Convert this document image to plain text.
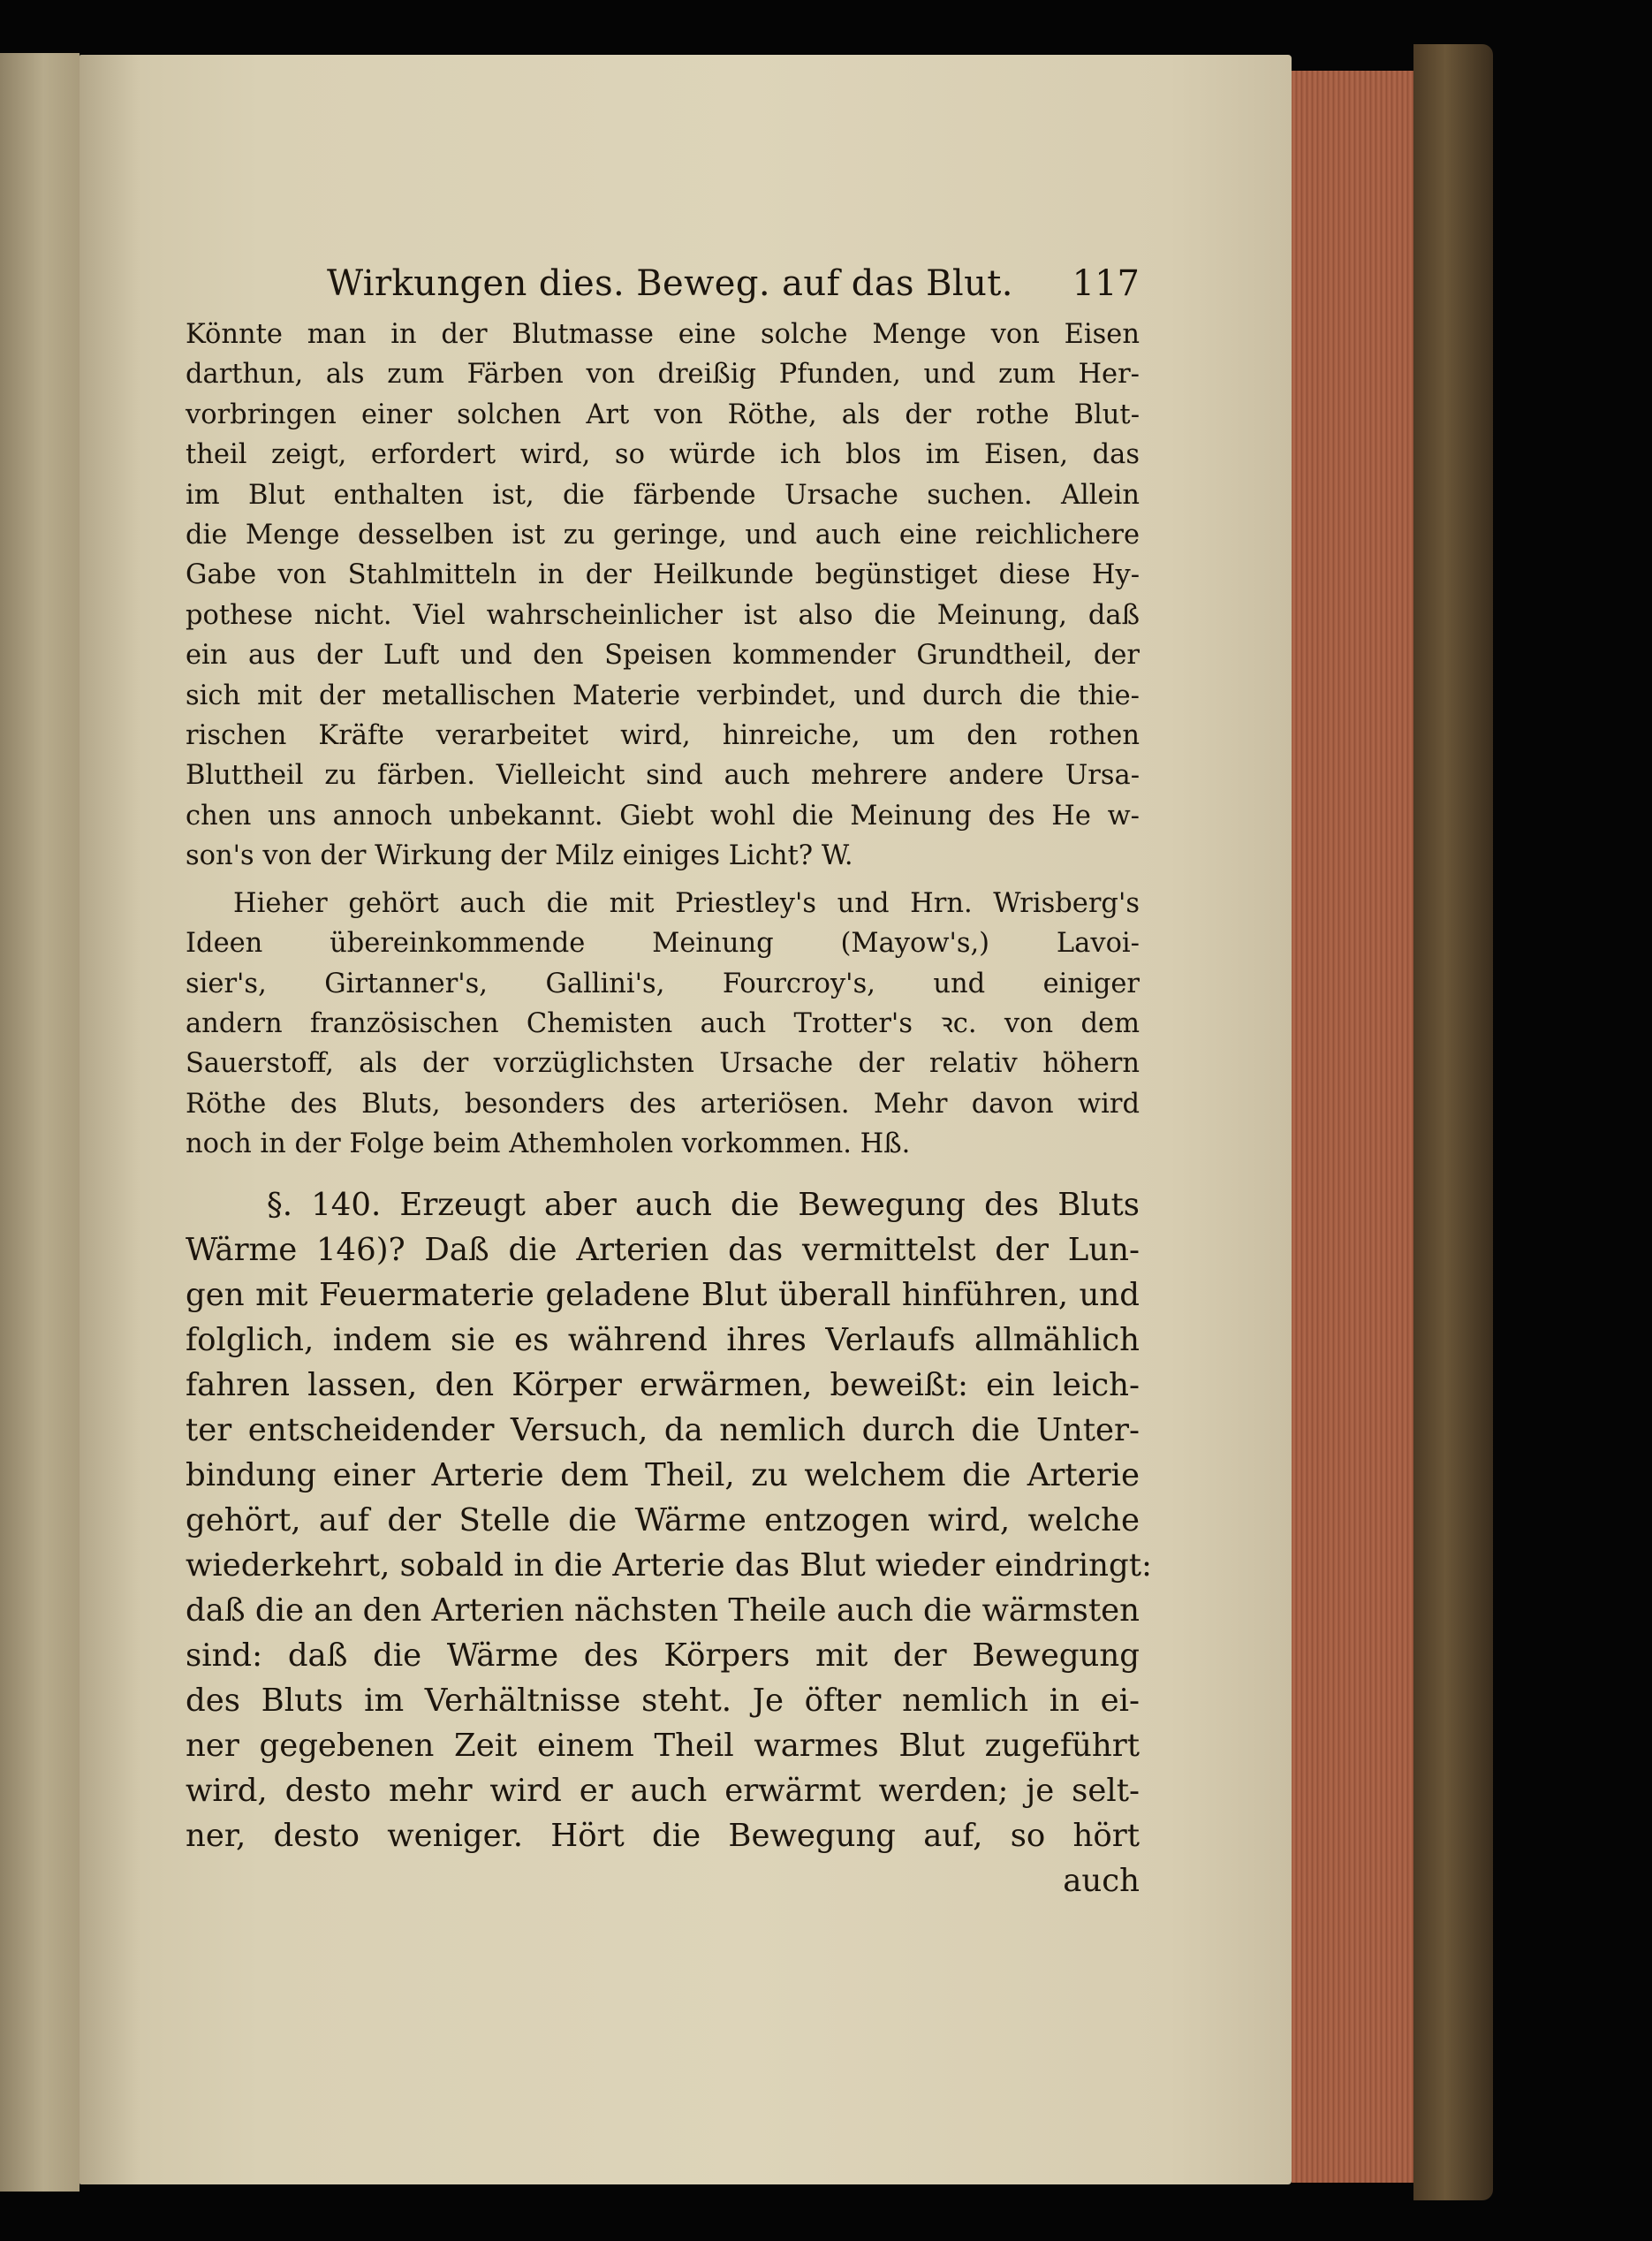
Wirkungen dies. Beweg. auf das Blut. 117

Könnte man in der Blutmasse eine solche Menge von Eisen

darthun, als zum Färben von dreißig Pfunden, und zum Her-

vorbringen einer solchen Art von Röthe, als der rothe Blut-

theil zeigt, erfordert wird, so würde ich blos im Eisen, das

im Blut enthalten ist, die färbende Ursache suchen. Allein

die Menge desselben ist zu geringe, und auch eine reichlichere

Gabe von Stahlmitteln in der Heilkunde begünstiget diese Hy-

pothese nicht. Viel wahrscheinlicher ist also die Meinung, daß

ein aus der Luft und den Speisen kommender Grundtheil, der

sich mit der metallischen Materie verbindet, und durch die thie-

rischen Kräfte verarbeitet wird, hinreiche, um den rothen

Bluttheil zu färben. Vielleicht sind auch mehrere andere Ursa-

chen uns annoch unbekannt. Giebt wohl die Meinung des He w-

son's von der Wirkung der Milz einiges Licht? W.

Hieher gehört auch die mit Priestley's und Hrn. Wrisberg's

Ideen übereinkommende Meinung (Mayow's,) Lavoi-

sier's, Girtanner's, Gallini's, Fourcroy's, und einiger

andern französischen Chemisten auch Trotter's ꝛc. von dem

Sauerstoff, als der vorzüglichsten Ursache der relativ höhern

Röthe des Bluts, besonders des arteriösen. Mehr davon wird

noch in der Folge beim Athemholen vorkommen. Hß.

§. 140. Erzeugt aber auch die Bewegung des Bluts

Wärme 146)? Daß die Arterien das vermittelst der Lun-

gen mit Feuermaterie geladene Blut überall hinführen, und

folglich, indem sie es während ihres Verlaufs allmählich

fahren lassen, den Körper erwärmen, beweißt: ein leich-

ter entscheidender Versuch, da nemlich durch die Unter-

bindung einer Arterie dem Theil, zu welchem die Arterie

gehört, auf der Stelle die Wärme entzogen wird, welche

wiederkehrt, sobald in die Arterie das Blut wieder eindringt:

daß die an den Arterien nächsten Theile auch die wärmsten

sind: daß die Wärme des Körpers mit der Bewegung

des Bluts im Verhältnisse steht. Je öfter nemlich in ei-

ner gegebenen Zeit einem Theil warmes Blut zugeführt

wird, desto mehr wird er auch erwärmt werden; je selt-

ner, desto weniger. Hört die Bewegung auf, so hört

auch
